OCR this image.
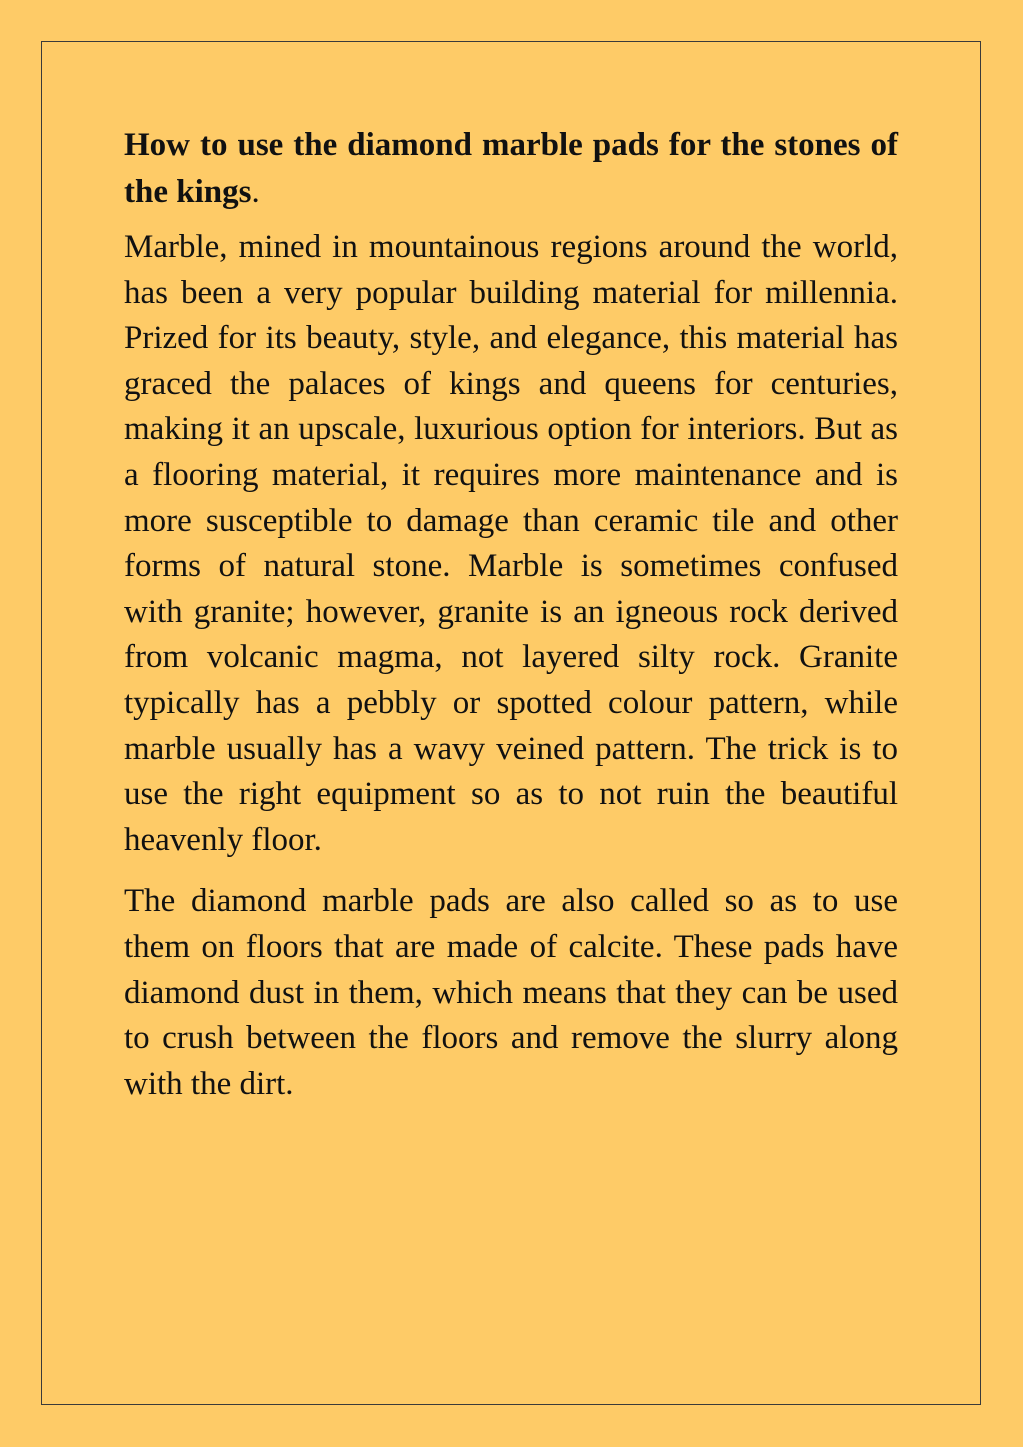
How to use the diamond marble pads for the stones of the kings.

Marble, mined in mountainous regions around the world, has been a very popular building material for millennia. Prized for its beauty, style, and elegance, this material has graced the palaces of kings and queens for centuries, making it an upscale, luxurious option for interiors. But as a flooring material, it requires more maintenance and is more susceptible to damage than ceramic tile and other forms of natural stone. Marble is sometimes confused with granite; however, granite is an igneous rock derived from volcanic magma, not layered silty rock. Granite typically has a pebbly or spotted colour pattern, while marble usually has a wavy veined pattern. The trick is to use the right equipment so as to not ruin the beautiful heavenly floor.

The diamond marble pads are also called so as to use them on floors that are made of calcite. These pads have diamond dust in them, which means that they can be used to crush between the floors and remove the slurry along with the dirt.
